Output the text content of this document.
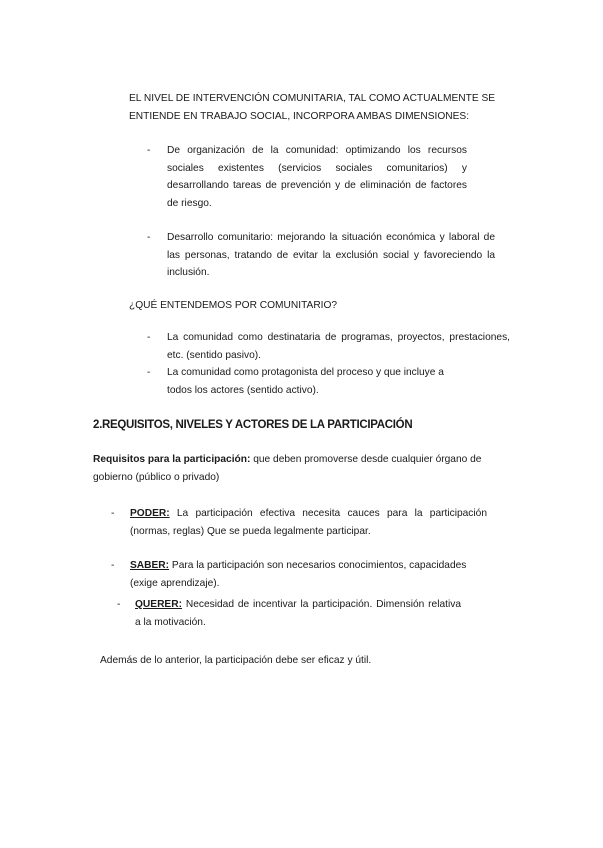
EL NIVEL DE INTERVENCIÓN COMUNITARIA, TAL COMO ACTUALMENTE SE
ENTIENDE EN TRABAJO SOCIAL, INCORPORA AMBAS DIMENSIONES:
- De organización de la comunidad: optimizando los recursos sociales existentes (servicios sociales comunitarios) y desarrollando tareas de prevención y de eliminación de factores de riesgo.
- Desarrollo comunitario: mejorando la situación económica y laboral de las personas, tratando de evitar la exclusión social y favoreciendo la inclusión.
¿QUÉ ENTENDEMOS POR COMUNITARIO?
- La comunidad como destinataria de programas, proyectos, prestaciones, etc. (sentido pasivo).
- La comunidad como protagonista del proceso y que incluye a todos los actores (sentido activo).
2.REQUISITOS, NIVELES Y ACTORES DE LA PARTICIPACIÓN
Requisitos para la participación: que deben promoverse desde cualquier órgano de gobierno (público o privado)
- PODER: La participación efectiva necesita cauces para la participación (normas, reglas) Que se pueda legalmente participar.
- SABER: Para la participación son necesarios conocimientos, capacidades (exige aprendizaje).
- QUERER: Necesidad de incentivar la participación. Dimensión relativa a la motivación.
Además de lo anterior, la participación debe ser eficaz y útil.
